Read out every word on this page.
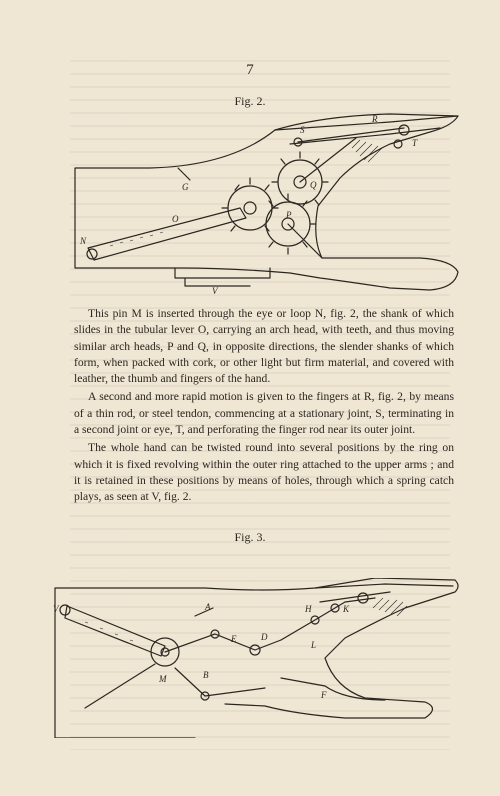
7
Fig. 2.
S
R
T
G	Q
O	P
N
V

This pin M is inserted through the eye or loop N, fig. 2, the shank of which slides in the tubular lever O, carrying an arch head, with teeth, and thus moving similar arch heads, P and Q, in opposite directions, the slender shanks of which form, when packed with cork, or other light but firm material, and covered with leather, the thumb and fingers of the hand.

A second and more rapid motion is given to the fingers at R, fig. 2, by means of a thin rod, or steel tendon, commencing at a stationary joint, S, terminating in a second joint or eye, T, and perforating the finger rod near its outer joint.

The whole hand can be twisted round into several positions by the ring on which it is fixed revolving within the outer ring attached to the upper arms ; and it is retained in these positions by means of holes, through which a spring catch plays, as seen at V, fig. 2.

Fig. 3.
V	A
B
M
D
E
H	K
L
F
